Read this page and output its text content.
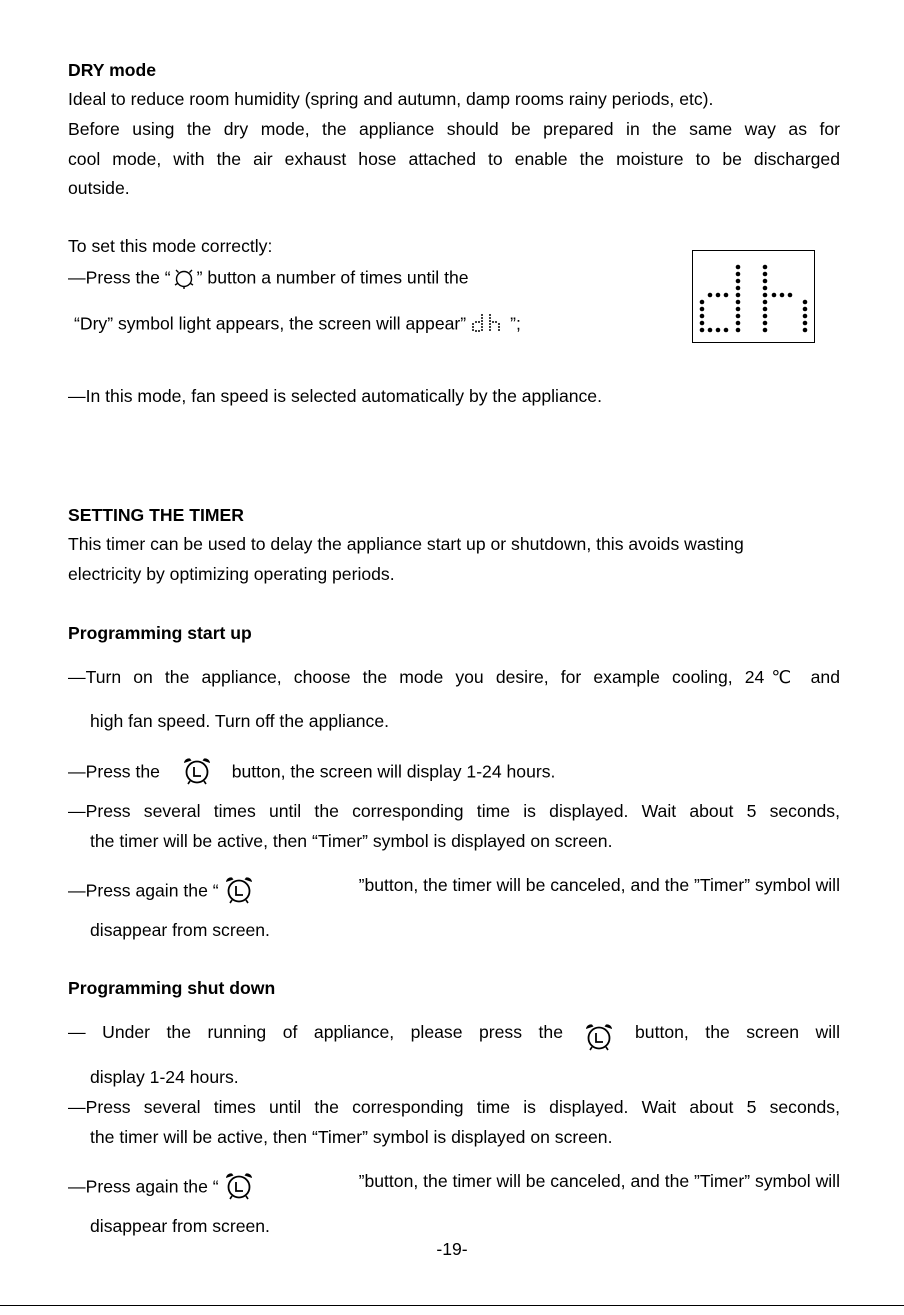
DRY mode
Ideal to reduce room humidity (spring and autumn, damp rooms rainy periods, etc).
Before using the dry mode, the appliance should be prepared in the same way as for
cool mode, with the air exhaust hose attached to enable the moisture to be discharged
outside.
To set this mode correctly:
—Press the “ ” button a number of times until the
“Dry” symbol light appears, the screen will appear”	”;
—In this mode, fan speed is selected automatically by the appliance.
SETTING THE TIMER
This timer can be used to delay the appliance start up or shutdown, this avoids wasting
electricity by optimizing operating periods.
Programming start up
—Turn on the appliance, choose the mode you desire, for example cooling, 24℃ and
high fan speed. Turn off the appliance.
—Press the	button, the screen will display 1-24 hours.
—Press several times until the corresponding time is displayed. Wait about 5 seconds,
the timer will be active, then “Timer” symbol is displayed on screen.
—Press again the “	”button, the timer will be canceled, and the ”Timer” symbol will
disappear from screen.
Programming shut down
— Under the running of appliance, please press the	button, the screen will
display 1-24 hours.
—Press several times until the corresponding time is displayed. Wait about 5 seconds,
the timer will be active, then “Timer” symbol is displayed on screen.
—Press again the “	”button, the timer will be canceled, and the ”Timer” symbol will
disappear from screen.
-19-
